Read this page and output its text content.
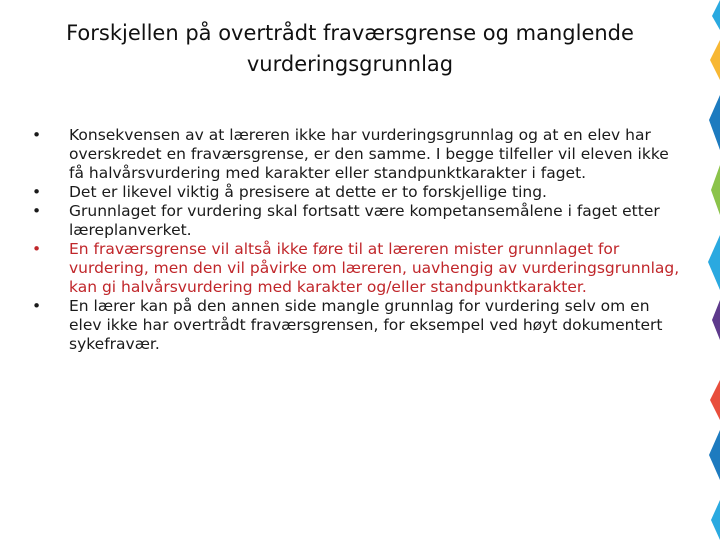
Forskjellen på overtrådt fraværsgrense og manglende
vurderingsgrunnlag
• Konsekvensen av at læreren ikke har vurderingsgrunnlag og at en elev har overskredet en fraværsgrense, er den samme. I begge tilfeller vil eleven ikke få halvårsvurdering med karakter eller standpunktkarakter i faget.
• Det er likevel viktig å presisere at dette er to forskjellige ting.
• Grunnlaget for vurdering skal fortsatt være kompetansemålene i faget etter læreplanverket.
• En fraværsgrense vil altså ikke føre til at læreren mister grunnlaget for vurdering, men den vil påvirke om læreren, uavhengig av vurderingsgrunnlag, kan gi halvårsvurdering med karakter og/eller standpunktkarakter.
• En lærer kan på den annen side mangle grunnlag for vurdering selv om en elev ikke har overtrådt fraværsgrensen, for eksempel ved høyt dokumentert sykefravær.
